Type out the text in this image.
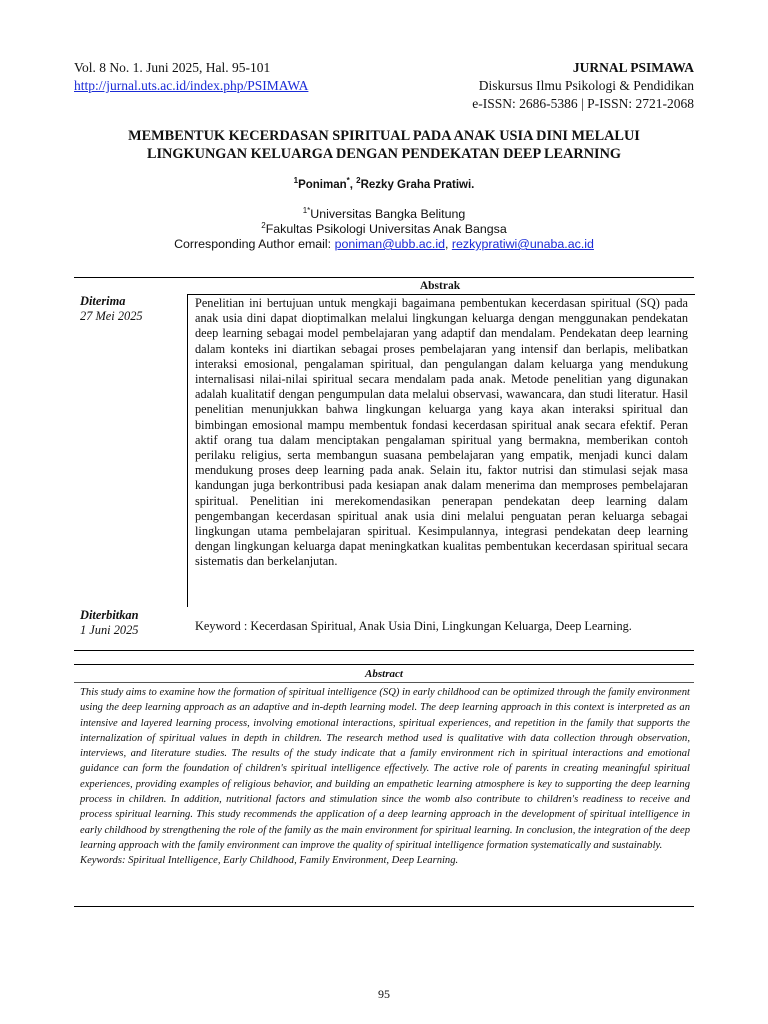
Vol. 8 No. 1. Juni 2025, Hal. 95-101
http://jurnal.uts.ac.id/index.php/PSIMAWA
JURNAL PSIMAWA
Diskursus Ilmu Psikologi & Pendidikan
e-ISSN: 2686-5386 | P-ISSN: 2721-2068
MEMBENTUK KECERDASAN SPIRITUAL PADA ANAK USIA DINI MELALUI
LINGKUNGAN KELUARGA DENGAN PENDEKATAN DEEP LEARNING
$^1$Poniman*, $^2$Rezky Graha Pratiwi.
$^{1*}$Universitas Bangka Belitung
$^2$Fakultas Psikologi Universitas Anak Bangsa
Corresponding Author email: poniman@ubb.ac.id, rezkypratiwi@unaba.ac.id
Abstrak
Diterima
27 Mei 2025
Diterbitkan
1 Juni 2025
Penelitian ini bertujuan untuk mengkaji bagaimana pembentukan kecerdasan spiritual (SQ) pada anak usia dini dapat dioptimalkan melalui lingkungan keluarga dengan menggunakan pendekatan deep learning sebagai model pembelajaran yang adaptif dan mendalam. Pendekatan deep learning dalam konteks ini diartikan sebagai proses pembelajaran yang intensif dan berlapis, melibatkan interaksi emosional, pengalaman spiritual, dan pengulangan dalam keluarga yang mendukung internalisasi nilai-nilai spiritual secara mendalam pada anak. Metode penelitian yang digunakan adalah kualitatif dengan pengumpulan data melalui observasi, wawancara, dan studi literatur. Hasil penelitian menunjukkan bahwa lingkungan keluarga yang kaya akan interaksi spiritual dan bimbingan emosional mampu membentuk fondasi kecerdasan spiritual anak secara efektif. Peran aktif orang tua dalam menciptakan pengalaman spiritual yang bermakna, memberikan contoh perilaku religius, serta membangun suasana pembelajaran yang empatik, menjadi kunci dalam mendukung proses deep learning pada anak. Selain itu, faktor nutrisi dan stimulasi sejak masa kandungan juga berkontribusi pada kesiapan anak dalam menerima dan memproses pembelajaran spiritual. Penelitian ini merekomendasikan penerapan pendekatan deep learning dalam pengembangan kecerdasan spiritual anak usia dini melalui penguatan peran keluarga sebagai lingkungan utama pembelajaran spiritual. Kesimpulannya, integrasi pendekatan deep learning dengan lingkungan keluarga dapat meningkatkan kualitas pembentukan kecerdasan spiritual secara sistematis dan berkelanjutan.
Keyword : Kecerdasan Spiritual, Anak Usia Dini, Lingkungan Keluarga, Deep Learning.
Abstract
This study aims to examine how the formation of spiritual intelligence (SQ) in early childhood can be optimized through the family environment using the deep learning approach as an adaptive and in-depth learning model. The deep learning approach in this context is interpreted as an intensive and layered learning process, involving emotional interactions, spiritual experiences, and repetition in the family that supports the internalization of spiritual values in depth in children. The research method used is qualitative with data collection through observation, interviews, and literature studies. The results of the study indicate that a family environment rich in spiritual interactions and emotional guidance can form the foundation of children's spiritual intelligence effectively. The active role of parents in creating meaningful spiritual experiences, providing examples of religious behavior, and building an empathetic learning atmosphere is key to supporting the deep learning process in children. In addition, nutritional factors and stimulation since the womb also contribute to children's readiness to receive and process spiritual learning. This study recommends the application of a deep learning approach in the development of spiritual intelligence in early childhood by strengthening the role of the family as the main environment for spiritual learning. In conclusion, the integration of the deep learning approach with the family environment can improve the quality of spiritual intelligence formation systematically and sustainably.
Keywords: Spiritual Intelligence, Early Childhood, Family Environment, Deep Learning.
95
